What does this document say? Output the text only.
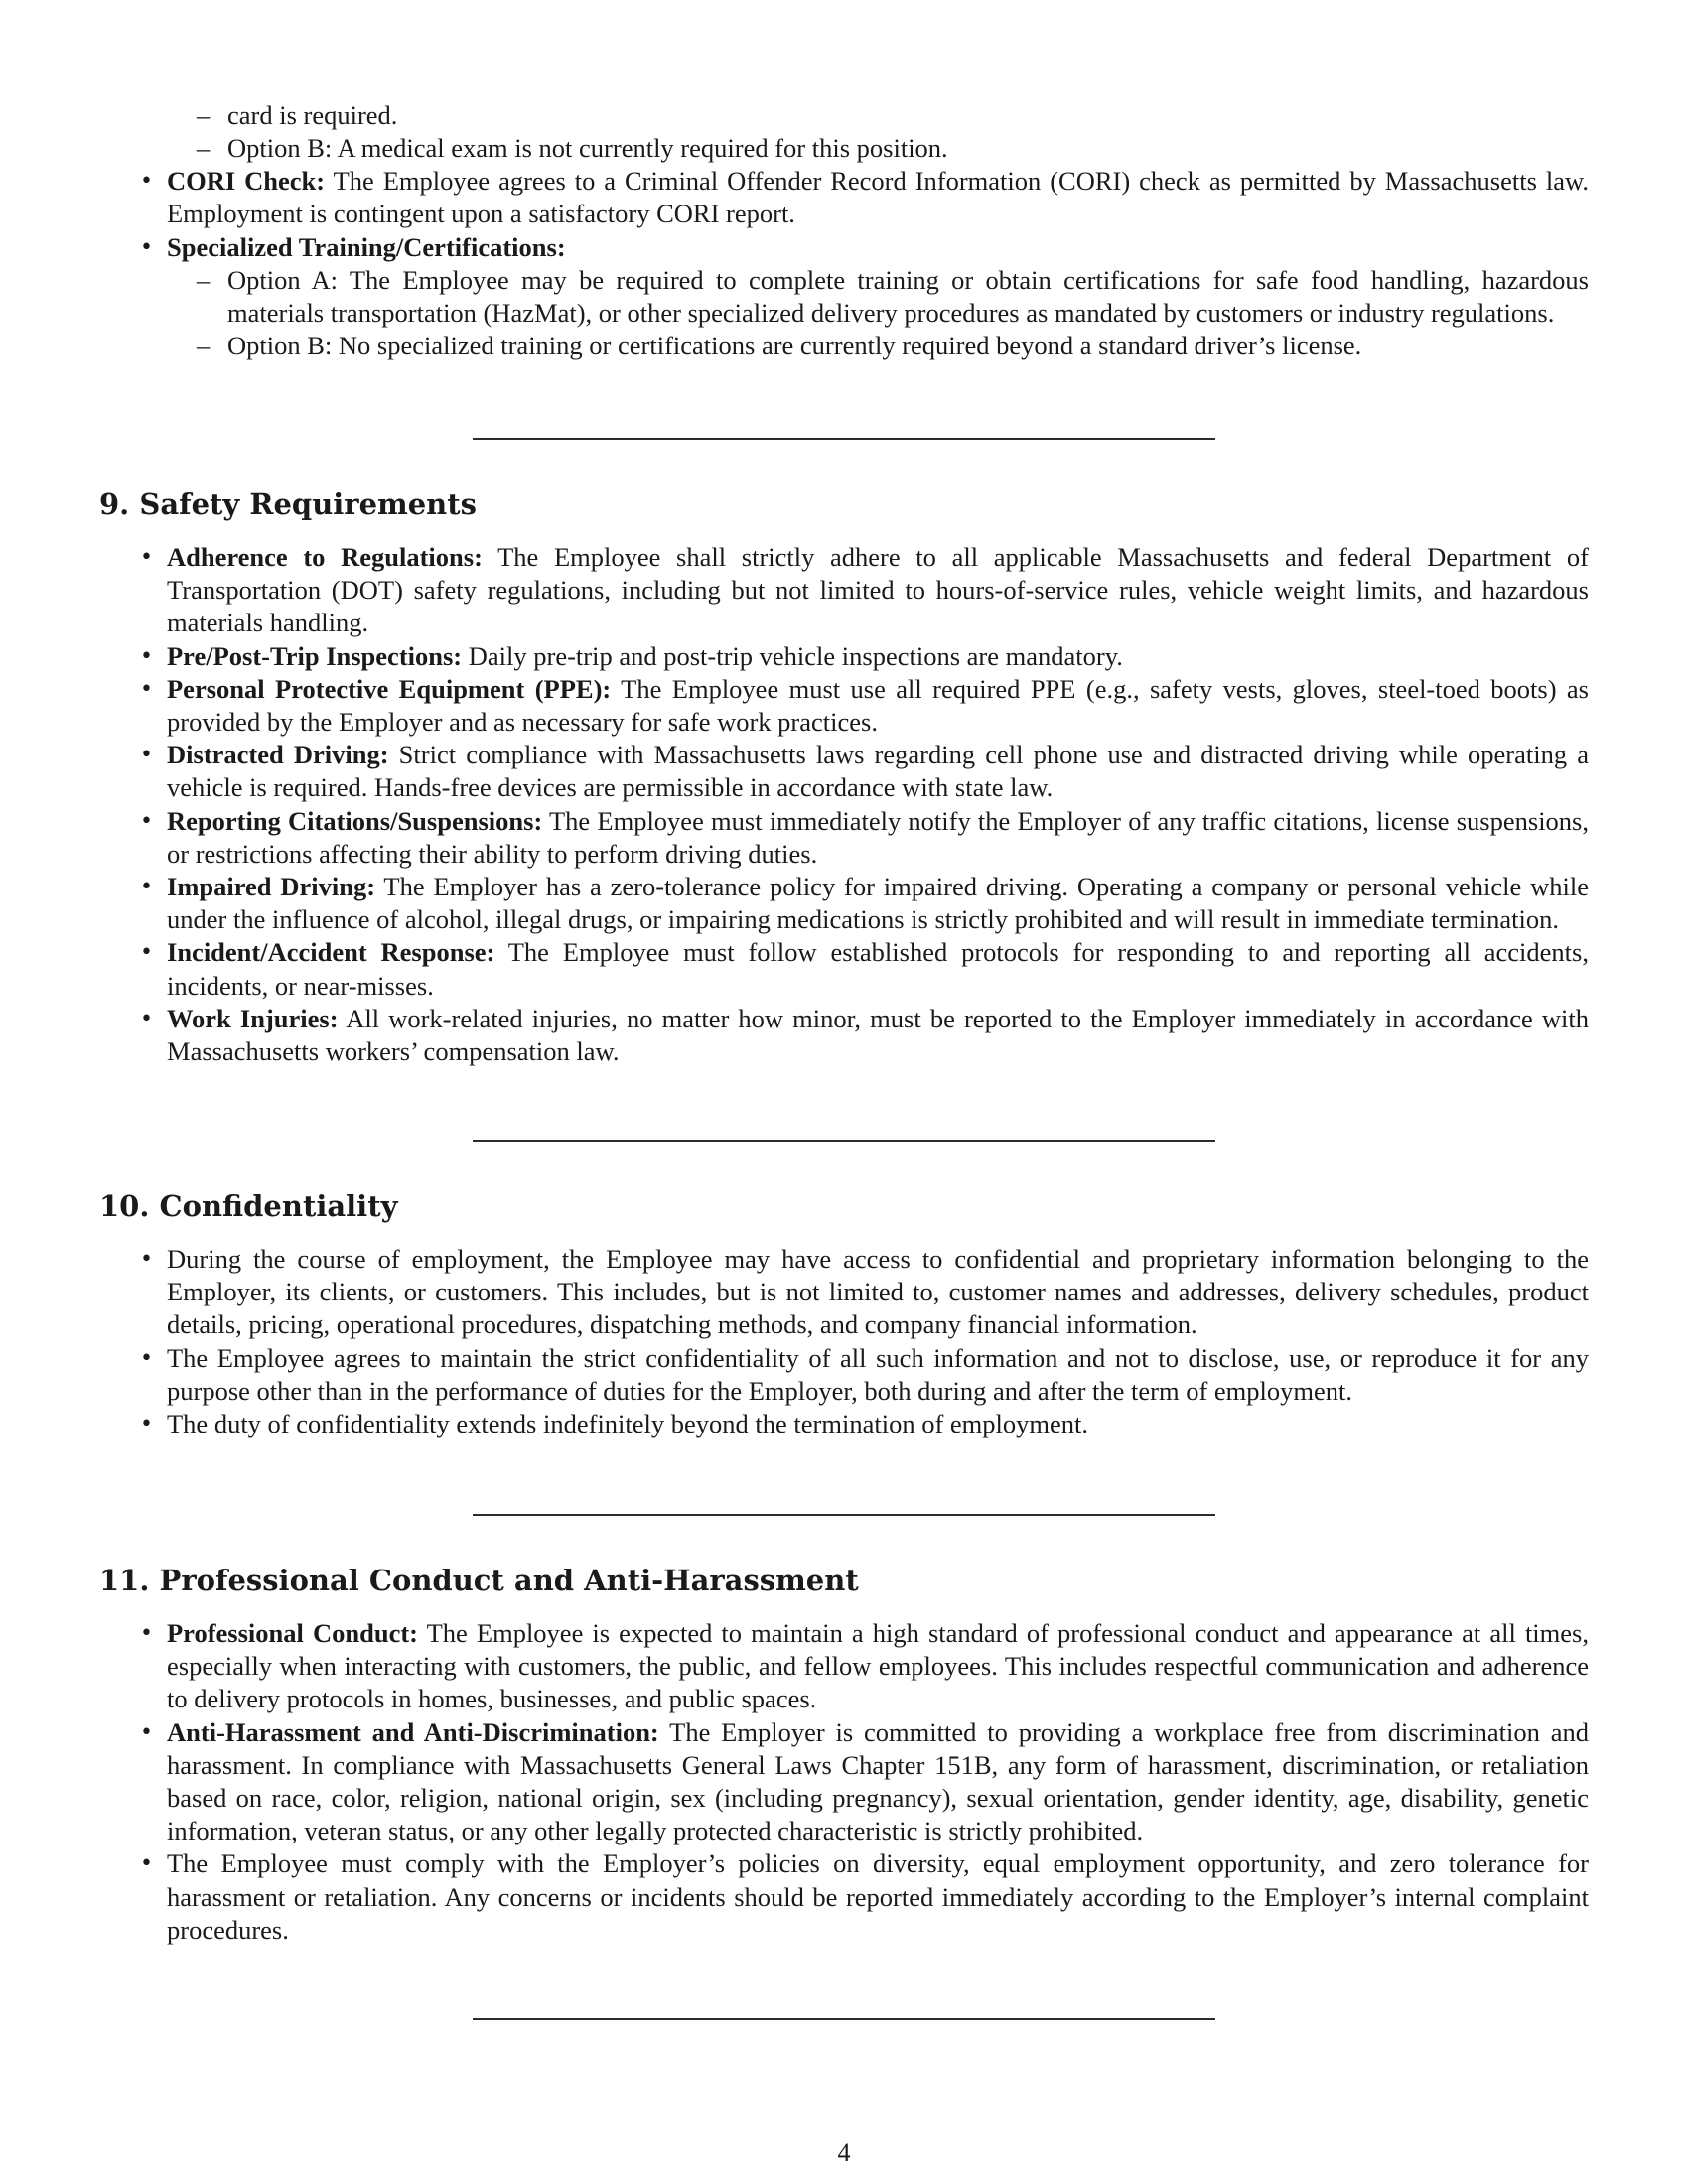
– card is required.
– Option B: A medical exam is not currently required for this position.
• CORI Check: The Employee agrees to a Criminal Offender Record Information (CORI) check as permitted by Massachusetts law. Employment is contingent upon a satisfactory CORI report.
• Specialized Training/Certifications:
– Option A: The Employee may be required to complete training or obtain certifications for safe food handling, hazardous materials transportation (HazMat), or other specialized delivery procedures as mandated by customers or industry regulations.
– Option B: No specialized training or certifications are currently required beyond a standard driver’s license.
9. Safety Requirements
• Adherence to Regulations: The Employee shall strictly adhere to all applicable Massachusetts and federal Department of Transportation (DOT) safety regulations, including but not limited to hours-of-service rules, vehicle weight limits, and hazardous materials handling.
• Pre/Post-Trip Inspections: Daily pre-trip and post-trip vehicle inspections are mandatory.
• Personal Protective Equipment (PPE): The Employee must use all required PPE (e.g., safety vests, gloves, steel-toed boots) as provided by the Employer and as necessary for safe work practices.
• Distracted Driving: Strict compliance with Massachusetts laws regarding cell phone use and distracted driving while operating a vehicle is required. Hands-free devices are permissible in accordance with state law.
• Reporting Citations/Suspensions: The Employee must immediately notify the Employer of any traffic citations, license suspensions, or restrictions affecting their ability to perform driving duties.
• Impaired Driving: The Employer has a zero-tolerance policy for impaired driving. Operating a company or personal vehicle while under the influence of alcohol, illegal drugs, or impairing medications is strictly prohibited and will result in immediate termination.
• Incident/Accident Response: The Employee must follow established protocols for responding to and reporting all accidents, incidents, or near-misses.
• Work Injuries: All work-related injuries, no matter how minor, must be reported to the Employer immediately in accordance with Massachusetts workers’ compensation law.
10. Confidentiality
• During the course of employment, the Employee may have access to confidential and proprietary information belonging to the Employer, its clients, or customers. This includes, but is not limited to, customer names and addresses, delivery schedules, product details, pricing, operational procedures, dispatching methods, and company financial information.
• The Employee agrees to maintain the strict confidentiality of all such information and not to disclose, use, or reproduce it for any purpose other than in the performance of duties for the Employer, both during and after the term of employment.
• The duty of confidentiality extends indefinitely beyond the termination of employment.
11. Professional Conduct and Anti-Harassment
• Professional Conduct: The Employee is expected to maintain a high standard of professional conduct and appearance at all times, especially when interacting with customers, the public, and fellow employees. This includes respectful communication and adherence to delivery protocols in homes, businesses, and public spaces.
• Anti-Harassment and Anti-Discrimination: The Employer is committed to providing a workplace free from discrimination and harassment. In compliance with Massachusetts General Laws Chapter 151B, any form of harassment, discrimination, or retaliation based on race, color, religion, national origin, sex (including pregnancy), sexual orientation, gender identity, age, disability, genetic information, veteran status, or any other legally protected characteristic is strictly prohibited.
• The Employee must comply with the Employer’s policies on diversity, equal employment opportunity, and zero tolerance for harassment or retaliation. Any concerns or incidents should be reported immediately according to the Employer’s internal complaint procedures.
4
